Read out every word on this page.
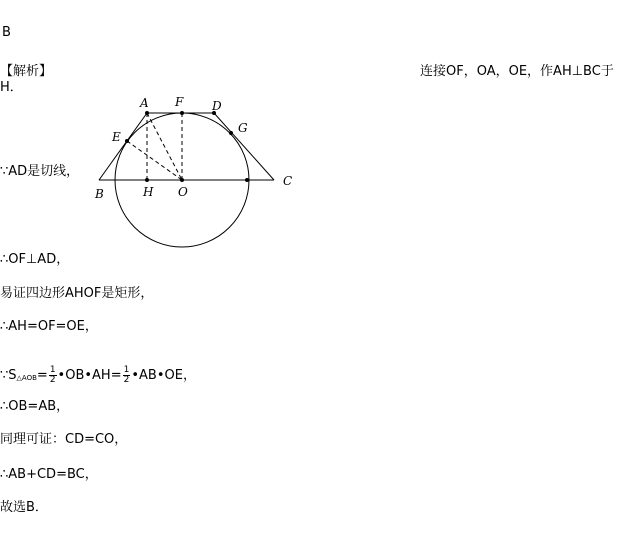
B
【解析】	连接OF，OA，OE，作AH⊥BC于
H．
A F D
E
G
B	H O
C
∵AD是切线，
∴OF⊥AD，
易证四边形AHOF是矩形，
∴AH=OF=OE，
∵S△AOB= $\frac{1}{2}$ •OB•AH= $\frac{1}{2}$ •AB•OE，
∴OB=AB，
同理可证：CD=CO，
∴AB+CD=BC，
故选B．
